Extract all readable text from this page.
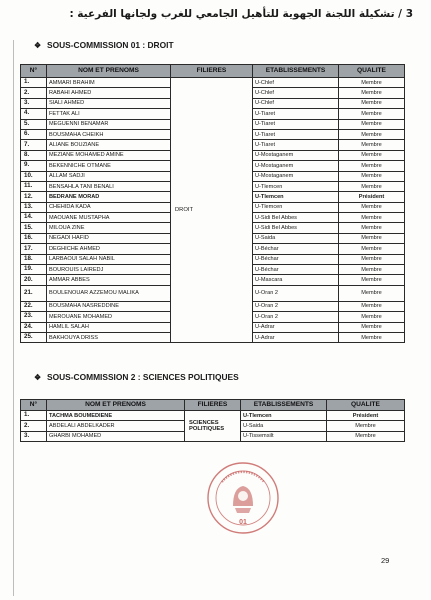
3 / تشكيلة اللجنة الجهوية للتأهيل الجامعي للغرب ولجانها الفرعية :
❖ SOUS-COMMISSION 01 : DROIT
N°	NOM ET PRENOMS	FILIERES	ETABLISSEMENTS	QUALITE
1.	AMMARI BRAHIM	DROIT	U-Chlef	Membre
2.	RABAHI AHMED		U-Chlef	Membre
3.	SIALI AHMED		U-Chlef	Membre
4.	FETTAK ALI		U-Tiaret	Membre
5.	MEGUENNI BENAMAR		U-Tiaret	Membre
6.	BOUSMAHA CHEIKH		U-Tiaret	Membre
7.	ALIANE BOUZIANE		U-Tiaret	Membre
8.	MEZIANE MOHAMED AMINE		U-Mostaganem	Membre
9.	BEKENNICHE OTMANE		U-Mostaganem	Membre
10.	ALLAM SADJI		U-Mostaganem	Membre
11.	BENSAHLA TANI BENALI		U-Tlemcen	Membre
12.	BEDRANE MORAD		U-Tlemcen	Président
13.	CHEHIDA KADA		U-Tlemcen	Membre
14.	MAOUANE MUSTAPHA		U-Sidi Bel Abbes	Membre
15.	MILOUA ZINE		U-Sidi Bel Abbes	Membre
16.	NEGADI HAFID		U-Saida	Membre
17.	DEGHICHE AHMED		U-Béchar	Membre
18.	LARBAOUI SALAH NABIL		U-Béchar	Membre
19.	BOUROUIS LAIREDJ		U-Béchar	Membre
20.	AMMAR ABBES		U-Mascara	Membre
21.	BOULENOUAR AZZEMOU MALIKA		U-Oran 2	Membre
22.	BOUSMAHA NASREDDINE		U-Oran 2	Membre
23.	MEROUANE MOHAMED		U-Oran 2	Membre
24.	HAMLIL SALAH		U-Adrar	Membre
25.	BAKHOUYA DRISS		U-Adrar	Membre
❖ SOUS-COMMISSION 2 : SCIENCES POLITIQUES
N°	NOM ET PRENOMS	FILIERES	ETABLISSEMENTS	QUALITE
1.	TACHMA BOUMEDIENE	SCIENCES POLITIQUES	U-Tlemcen	Président
2.	ABDELALI ABDELKADER		U-Saida	Membre
3.	GHARBI MOHAMED		U-Tissemsilt	Membre
01
29
